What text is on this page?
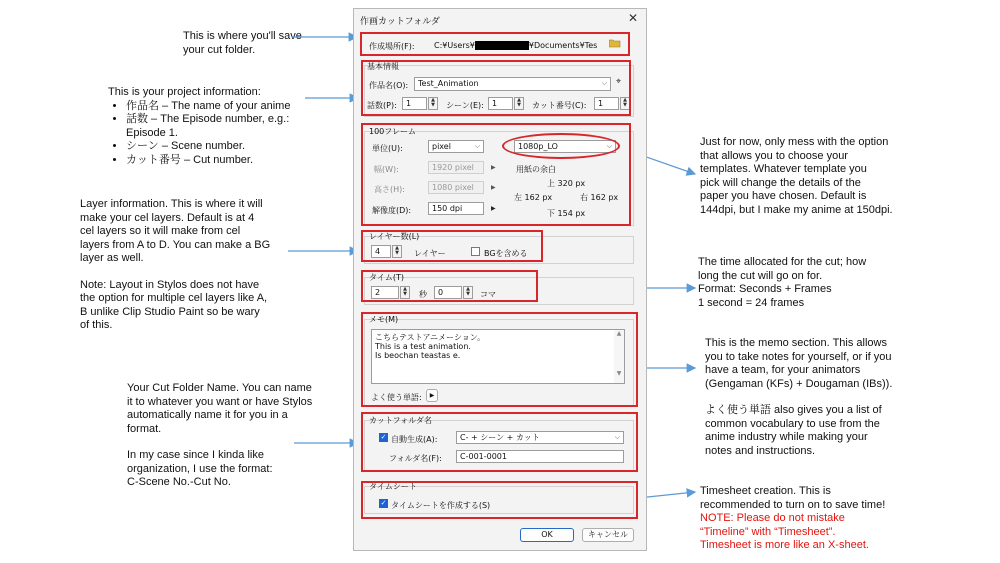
This is where you'll save

your cut folder.

This is your project information:

• 作品名 – The name of your anime
• 話数 – The Episode number, e.g.:
Episode 1.
• シーン – Scene number.
• カット番号 – Cut number.

Layer information. This is where it will

make your cel layers. Default is at 4

cel layers so it will make from cel

layers from A to D. You can make a BG

layer as well.

Note: Layout in Stylos does not have

the option for multiple cel layers like A,

B unlike Clip Studio Paint so be wary

of this.

Your Cut Folder Name. You can name

it to whatever you want or have Stylos

automatically name it for you in a

format.

In my case since I kinda like

organization, I use the format:

C-Scene No.-Cut No.

Just for now, only mess with the option

that allows you to choose your

templates. Whatever template you

pick will change the details of the

paper you have chosen. Default is

144dpi, but I make my anime at 150dpi.

The time allocated for the cut; how

long the cut will go on for.

Format: Seconds + Frames

1 second = 24 frames

This is the memo section. This allows

you to take notes for yourself, or if you

have a team, for your animators

(Gengaman (KFs) + Dougaman (IBs)).

よく使う単語 also gives you a list of

common vocabulary to use from the

anime industry while making your

notes and instructions.

Timesheet creation. This is

recommended to turn on to save time!

NOTE: Please do not mistake

“Timeline” with “Timesheet”.

Timesheet is more like an X-sheet.

作画カットフォルダ	✕
作成場所(F): C:¥Users¥	¥Documents¥Tes
基本情報
作品名(O):	Test_Animation	⌵ ⌖
話数(P):	1	▲
▼	シーン(E):	1	▲
▼	カット番号(C):	1	▲
▼
100フレーム
単位(U):	pixel	⌵	1080p_LO	⌵
幅(W):	1920 pixel	▶
高さ(H):	1080 pixel	▶
解像度(D):	150 dpi	▶
用紙の余白
上 320 px
左 162 px	右 162 px
下 154 px
レイヤー数(L)
4	▲
▼	レイヤー	BGを含める
タイム(T)
2	▲
▼	秒	0	▲
▼	コマ
メモ(M)
こちらテストアニメーション。
This is a test animation.
Is beochan teastas e.
▲

▼
よく使う単語:	▶
カットフォルダ名
✓ 自動生成(A):	C- + シーン + カット	⌵
フォルダ名(F):	C-001-0001
タイムシート
✓ タイムシートを作成する(S)
OK	キャンセル
